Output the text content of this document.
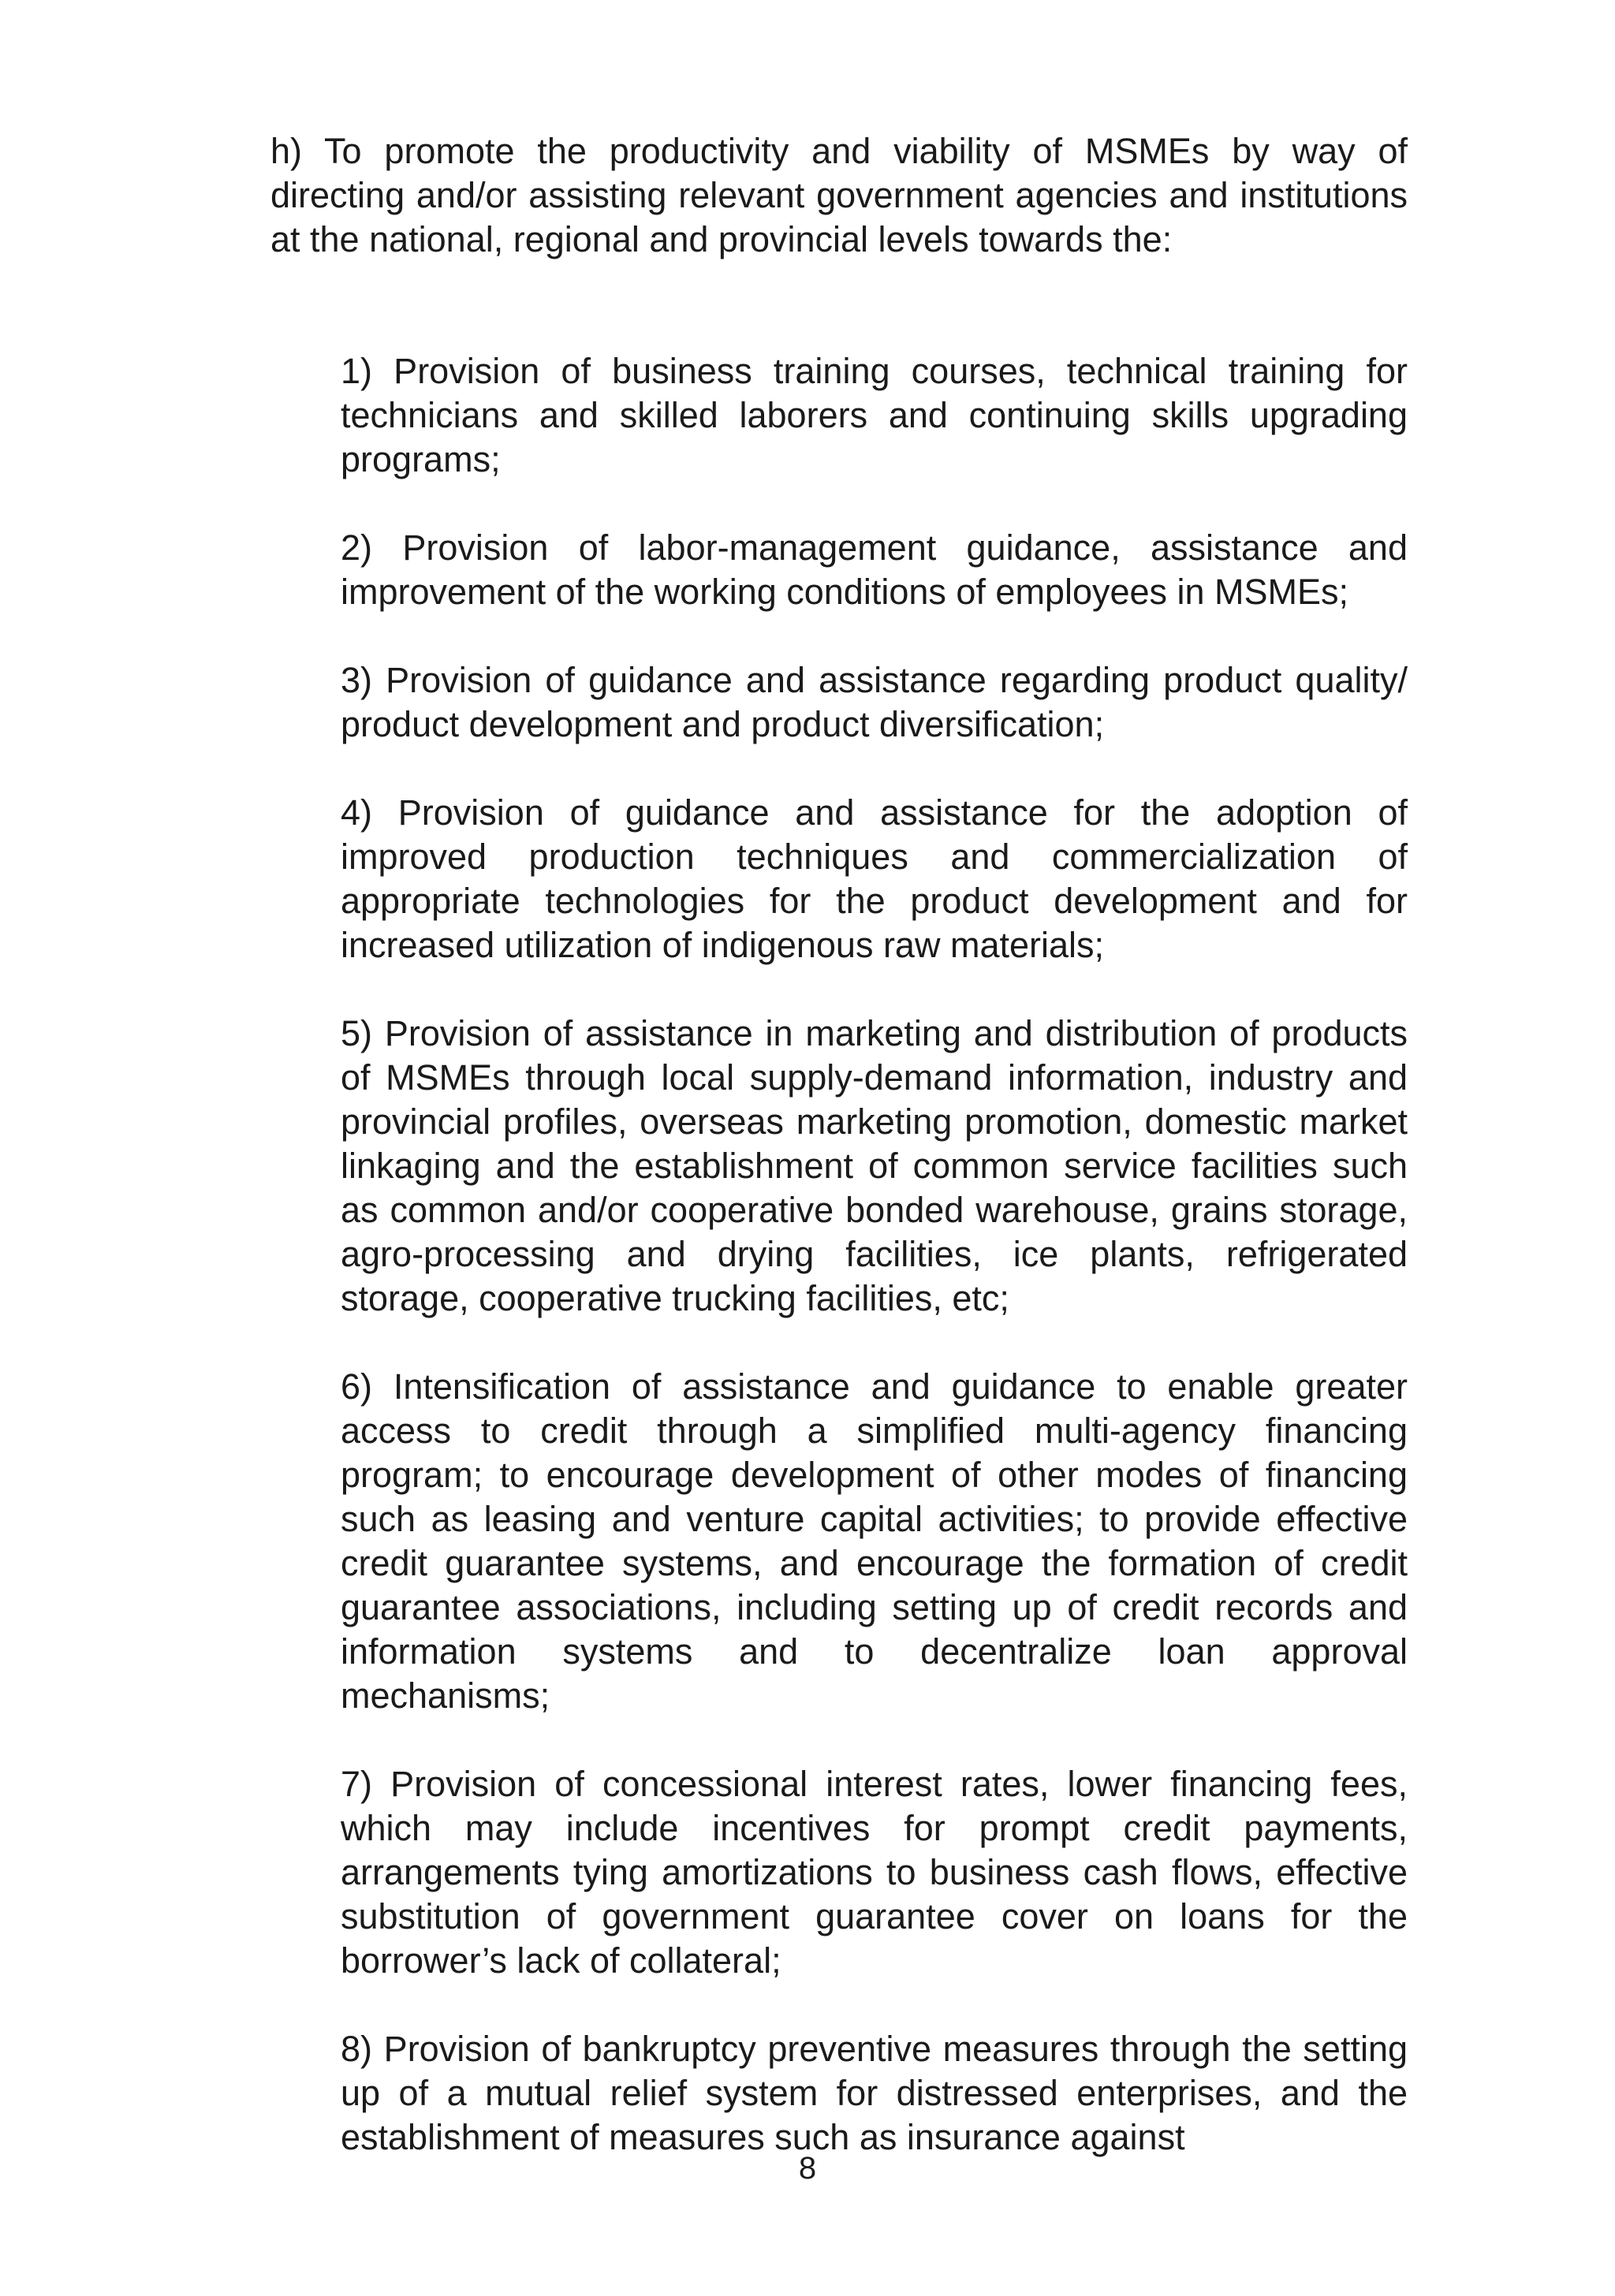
h) To promote the productivity and viability of MSMEs by way of directing and/or assisting relevant government agencies and institutions at the national, regional and provincial levels towards the:

1) Provision of business training courses, technical training for technicians and skilled laborers and continuing skills upgrading programs;

2) Provision of labor-management guidance, assistance and improvement of the working conditions of employees in MSMEs;

3) Provision of guidance and assistance regarding product quality/ product development and product diversification;

4) Provision of guidance and assistance for the adoption of improved production techniques and commercialization of appropriate technologies for the product development and for increased utilization of indigenous raw materials;

5) Provision of assistance in marketing and distribution of products of MSMEs through local supply-demand information, industry and provincial profiles, overseas marketing promotion, domestic market linkaging and the establishment of common service facilities such as common and/or cooperative bonded warehouse, grains storage, agro-processing and drying facilities, ice plants, refrigerated storage, cooperative trucking facilities, etc;

6) Intensification of assistance and guidance to enable greater access to credit through a simplified multi-agency financing program; to encourage development of other modes of financing such as leasing and venture capital activities; to provide effective credit guarantee systems, and encourage the formation of credit guarantee associations, including setting up of credit records and information systems and to decentralize loan approval mechanisms;

7) Provision of concessional interest rates, lower financing fees, which may include incentives for prompt credit payments, arrangements tying amortizations to business cash flows, effective substitution of government guarantee cover on loans for the borrower’s lack of collateral;

8) Provision of bankruptcy preventive measures through the setting up of a mutual relief system for distressed enterprises, and the establishment of measures such as insurance against

8
